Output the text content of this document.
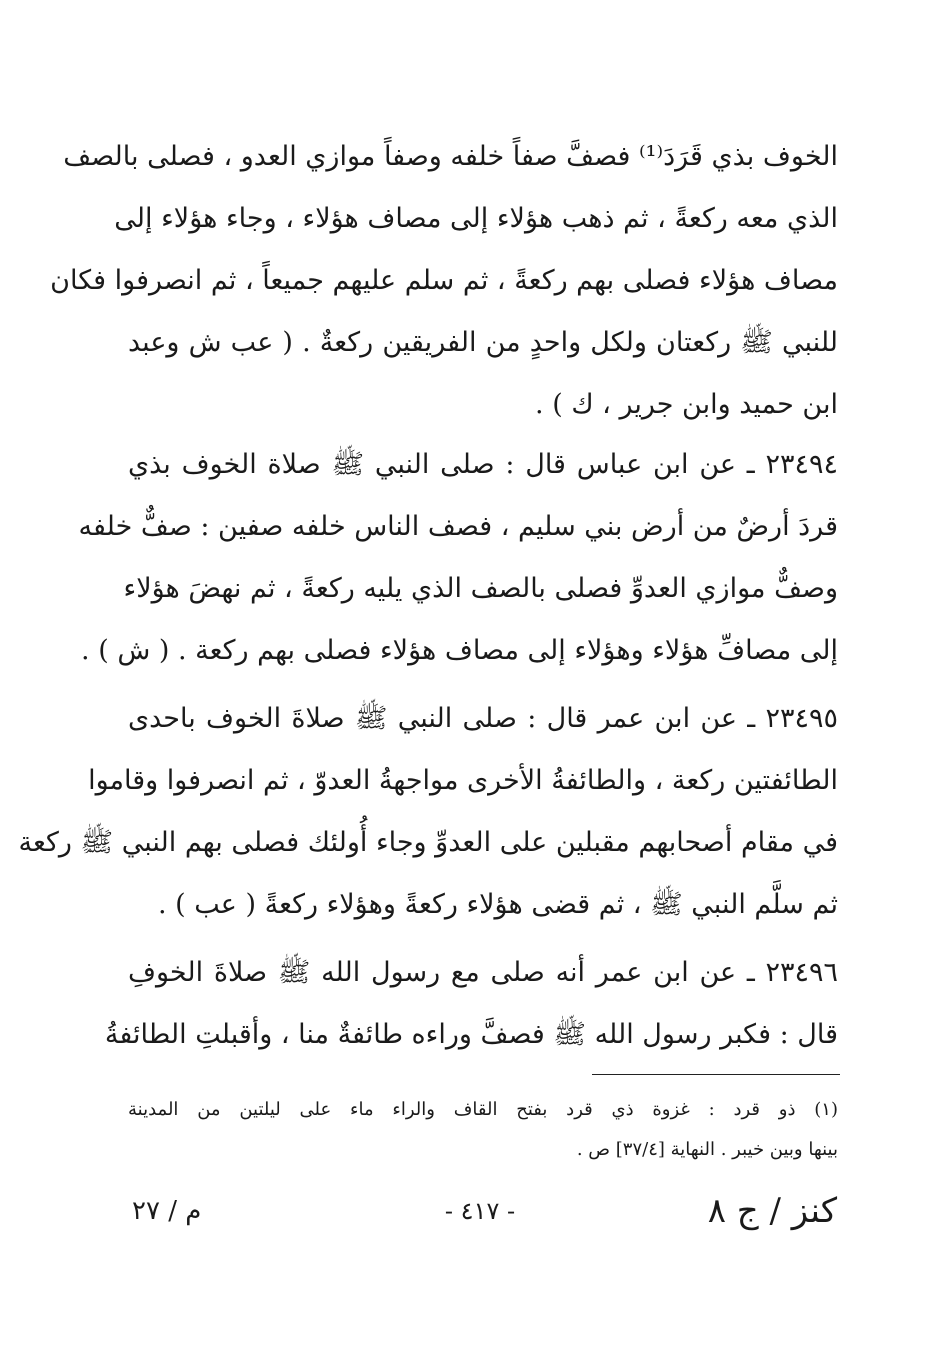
الخوف بذي قَرَدَ⁽¹⁾ فصفَّ صفاً خلفه وصفاً موازي العدو ، فصلى بالصف
الذي معه ركعةً ، ثم ذهب هؤلاء إلى مصاف هؤلاء ، وجاء هؤلاء إلى
مصاف هؤلاء فصلى بهم ركعةً ، ثم سلم عليهم جميعاً ، ثم انصرفوا فكان
للنبي ﷺ ركعتان ولكل واحدٍ من الفريقين ركعةٌ . ( عب ش وعبد
ابن حميد وابن جرير ، ك ) .
٢٣٤٩٤ ـ عن ابن عباس قال : صلى النبي ﷺ صلاة الخوف بذي
قردَ أرضٌ من أرض بني سليم ، فصف الناس خلفه صفين : صفٌّ خلفه
وصفٌّ موازي العدوِّ فصلى بالصف الذي يليه ركعةً ، ثم نهضَ هؤلاء
إلى مصافِّ هؤلاء وهؤلاء إلى مصاف هؤلاء فصلى بهم ركعة . ( ش ) .
٢٣٤٩٥ ـ عن ابن عمر قال : صلى النبي ﷺ صلاةَ الخوف باحدى
الطائفتين ركعة ، والطائفةُ الأخرى مواجهةُ العدوّ ، ثم انصرفوا وقاموا
في مقام أصحابهم مقبلين على العدوِّ وجاء أُولئك فصلى بهم النبي ﷺ ركعة
ثم سلَّم النبي ﷺ ، ثم قضى هؤلاء ركعةً وهؤلاء ركعةً ( عب ) .
٢٣٤٩٦ ـ عن ابن عمر أنه صلى مع رسول الله ﷺ صلاةَ الخوفِ
قال : فكبر رسول الله ﷺ فصفَّ وراءه طائفةٌ منا ، وأقبلتِ الطائفةُ
(١) ذو قرد : غزوة ذي قرد بفتح القاف والراء ماء على ليلتين من المدينة
بينها وبين خيبر . النهاية [٣٧/٤] ص .
كنز / ج ٨
- ٤١٧ -
م / ٢٧
